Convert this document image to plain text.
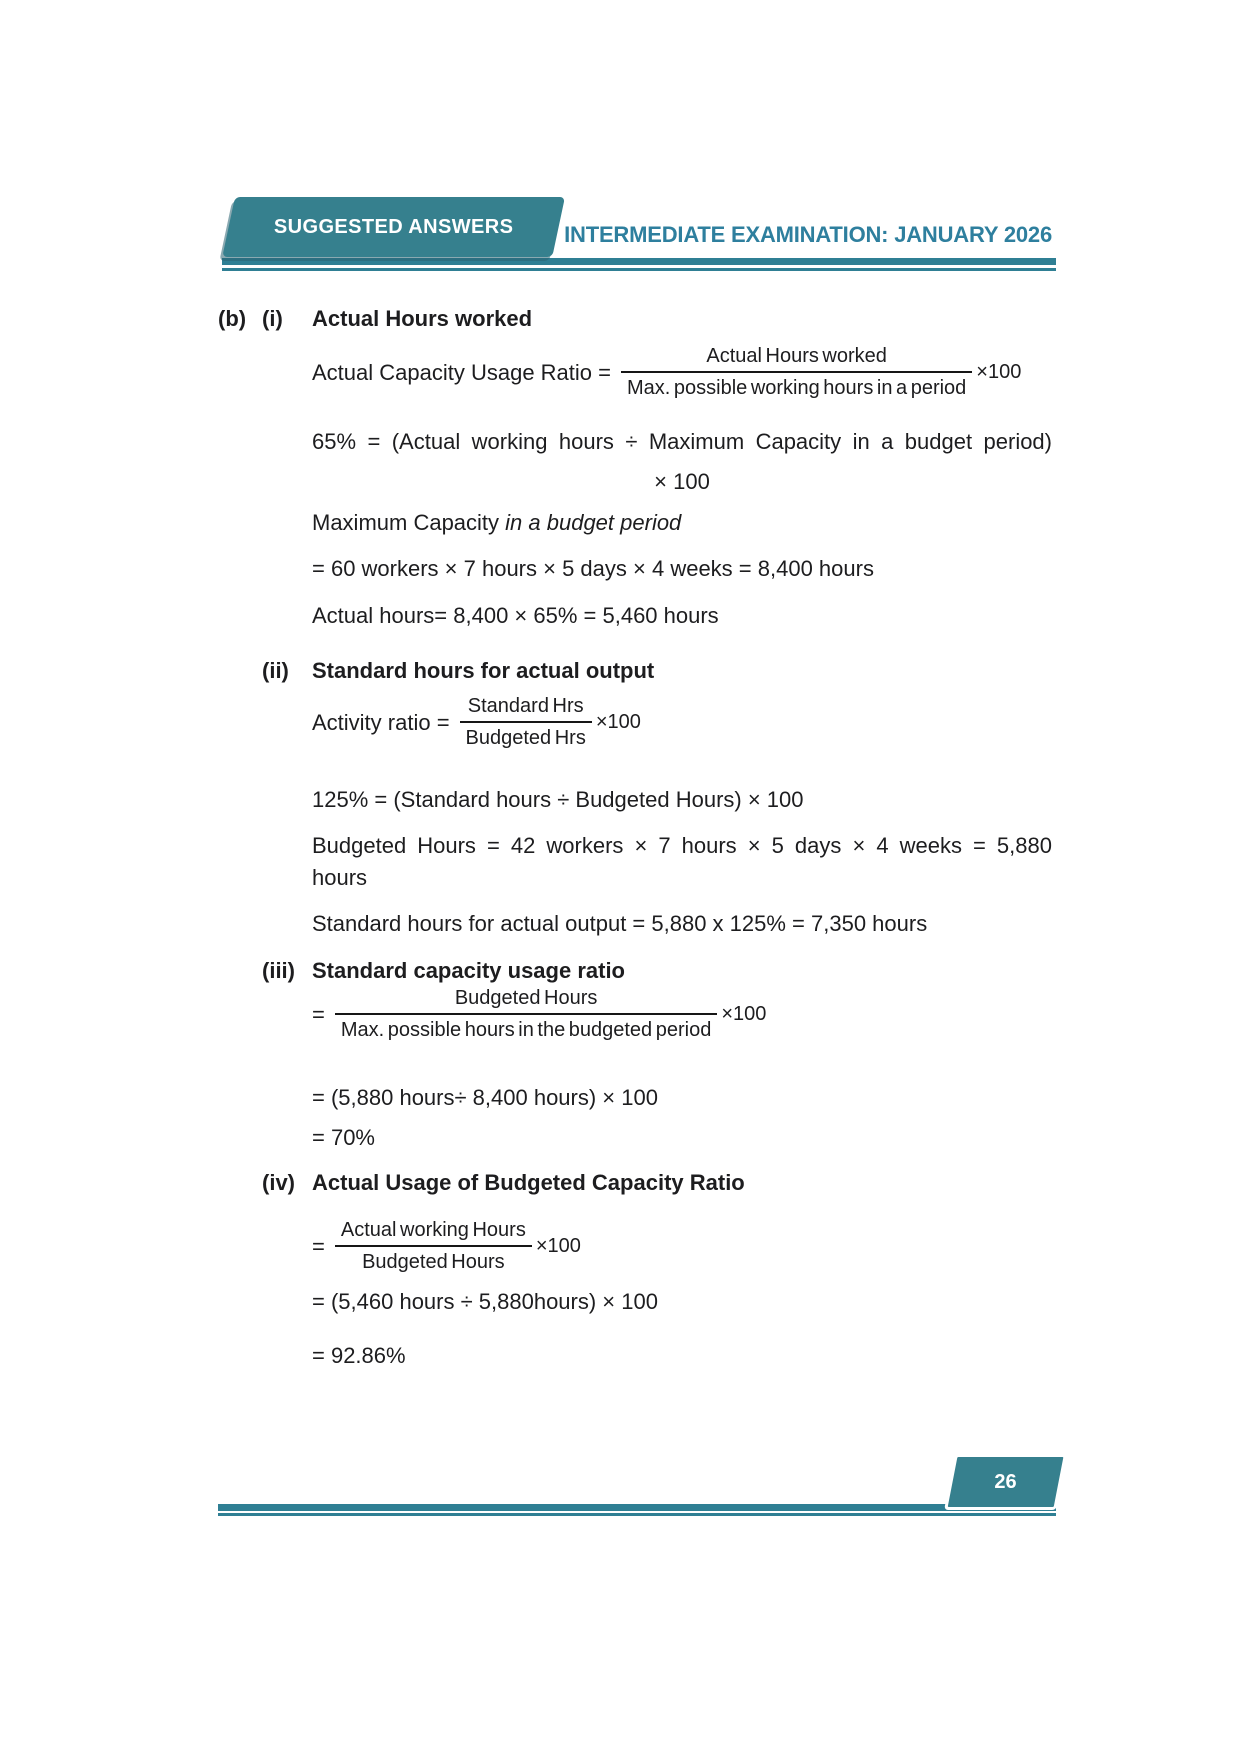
SUGGESTED ANSWERS	INTERMEDIATE EXAMINATION: JANUARY 2026
(b) (i)	Actual Hours worked
Actual Capacity Usage Ratio = $\frac{\text{Actual Hours worked}}{\text{Max. possible working hours in a period}} \times 100$
65% = (Actual working hours ÷ Maximum Capacity in a budget period)
× 100
Maximum Capacity in a budget period
= 60 workers × 7 hours × 5 days × 4 weeks = 8,400 hours
Actual hours= 8,400 × 65% = 5,460 hours
(ii)	Standard hours for actual output
Activity ratio = $\frac{\text{Standard Hrs}}{\text{Budgeted Hrs}} \times 100$
125% = (Standard hours ÷ Budgeted Hours) × 100
Budgeted Hours = 42 workers × 7 hours × 5 days × 4 weeks = 5,880
hours
Standard hours for actual output = 5,880 x 125% = 7,350 hours
(iii) Standard capacity usage ratio
= $\frac{\text{Budgeted Hours}}{\text{Max. possible hours in the budgeted period}} \times 100$
= (5,880 hours÷ 8,400 hours) × 100
= 70%
(iv) Actual Usage of Budgeted Capacity Ratio
= $\frac{\text{Actual working Hours}}{\text{Budgeted Hours}} \times 100$
= (5,460 hours ÷ 5,880hours) × 100
= 92.86%
26
